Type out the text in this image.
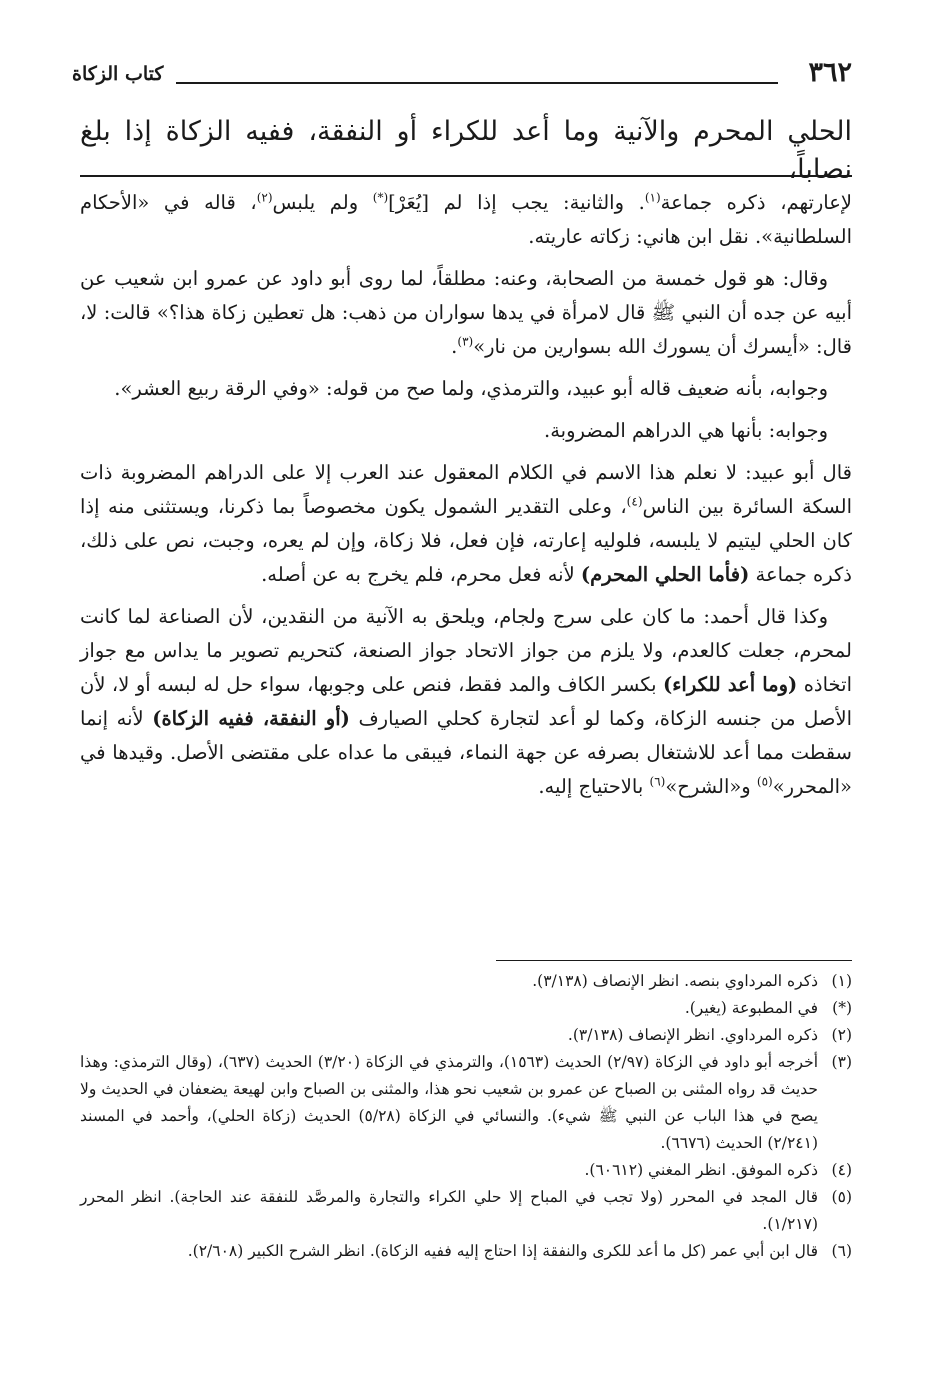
٣٦٢
كتاب الزكاة
الحلي المحرم والآنية وما أعد للكراء أو النفقة، ففيه الزكاة إذا بلغ نصاباً،

لإعارتهم، ذكره جماعة$^{(١)}$. والثانية: يجب إذا لم [يُعَرْ](*) ولم يلبس$^{(٢)}$، قاله في «الأحكام السلطانية». نقل ابن هاني: زكاته عاريته.

وقال: هو قول خمسة من الصحابة، وعنه: مطلقاً، لما روى أبو داود عن عمرو ابن شعيب عن أبيه عن جده أن النبي ﷺ قال لامرأة في يدها سواران من ذهب: هل تعطين زكاة هذا؟» قالت: لا، قال: «أيسرك أن يسورك الله بسوارين من نار»$^{(٣)}$.

وجوابه، بأنه ضعيف قاله أبو عبيد، والترمذي، ولما صح من قوله: «وفي الرقة ربيع العشر».

وجوابه: بأنها هي الدراهم المضروبة.

قال أبو عبيد: لا نعلم هذا الاسم في الكلام المعقول عند العرب إلا على الدراهم المضروبة ذات السكة السائرة بين الناس$^{(٤)}$، وعلى التقدير الشمول يكون مخصوصاً بما ذكرنا، ويستثنى منه إذا كان الحلي ليتيم لا يلبسه، فلوليه إعارته، فإن فعل، فلا زكاة، وإن لم يعره، وجبت، نص على ذلك، ذكره جماعة (فأما الحلي المحرم) لأنه فعل محرم، فلم يخرج به عن أصله.

وكذا قال أحمد: ما كان على سرج ولجام، ويلحق به الآنية من النقدين، لأن الصناعة لما كانت لمحرم، جعلت كالعدم، ولا يلزم من جواز الاتحاد جواز الصنعة، كتحريم تصوير ما يداس مع جواز اتخاذه (وما أعد للكراء) بكسر الكاف والمد فقط، فنص على وجوبها، سواء حل له لبسه أو لا، لأن الأصل من جنسه الزكاة، وكما لو أعد لتجارة كحلي الصيارف (أو النفقة، ففيه الزكاة) لأنه إنما سقطت مما أعد للاشتغال بصرفه عن جهة النماء، فيبقى ما عداه على مقتضى الأصل. وقيدها في «المحرر»$^{(٥)}$ و«الشرح»$^{(٦)}$ بالاحتياج إليه.

(١)
ذكره المرداوي بنصه. انظر الإنصاف (٣/١٣٨).
(*)
في المطبوعة (يغير).
(٢)
ذكره المرداوي. انظر الإنصاف (٣/١٣٨).
(٣)
أخرجه أبو داود في الزكاة (٢/٩٧) الحديث (١٥٦٣)، والترمذي في الزكاة (٣/٢٠) الحديث (٦٣٧)، (وقال الترمذي: وهذا حديث قد رواه المثنى بن الصباح عن عمرو بن شعيب نحو هذا، والمثنى بن الصباح وابن لهيعة يضعفان في الحديث ولا يصح في هذا الباب عن النبي ﷺ شيء). والنسائي في الزكاة (٥/٢٨) الحديث (زكاة الحلي)، وأحمد في المسند (٢/٢٤١) الحديث (٦٦٧٦).
(٤)
ذكره الموفق. انظر المغني (٦٠٦١٢).
(٥)
قال المجد في المحرر (ولا تجب في المباح إلا حلي الكراء والتجارة والمرصَّد للنفقة عند الحاجة). انظر المحرر (١/٢١٧).
(٦)
قال ابن أبي عمر (كل ما أعد للكرى والنفقة إذا احتاج إليه ففيه الزكاة). انظر الشرح الكبير (٢/٦٠٨).
